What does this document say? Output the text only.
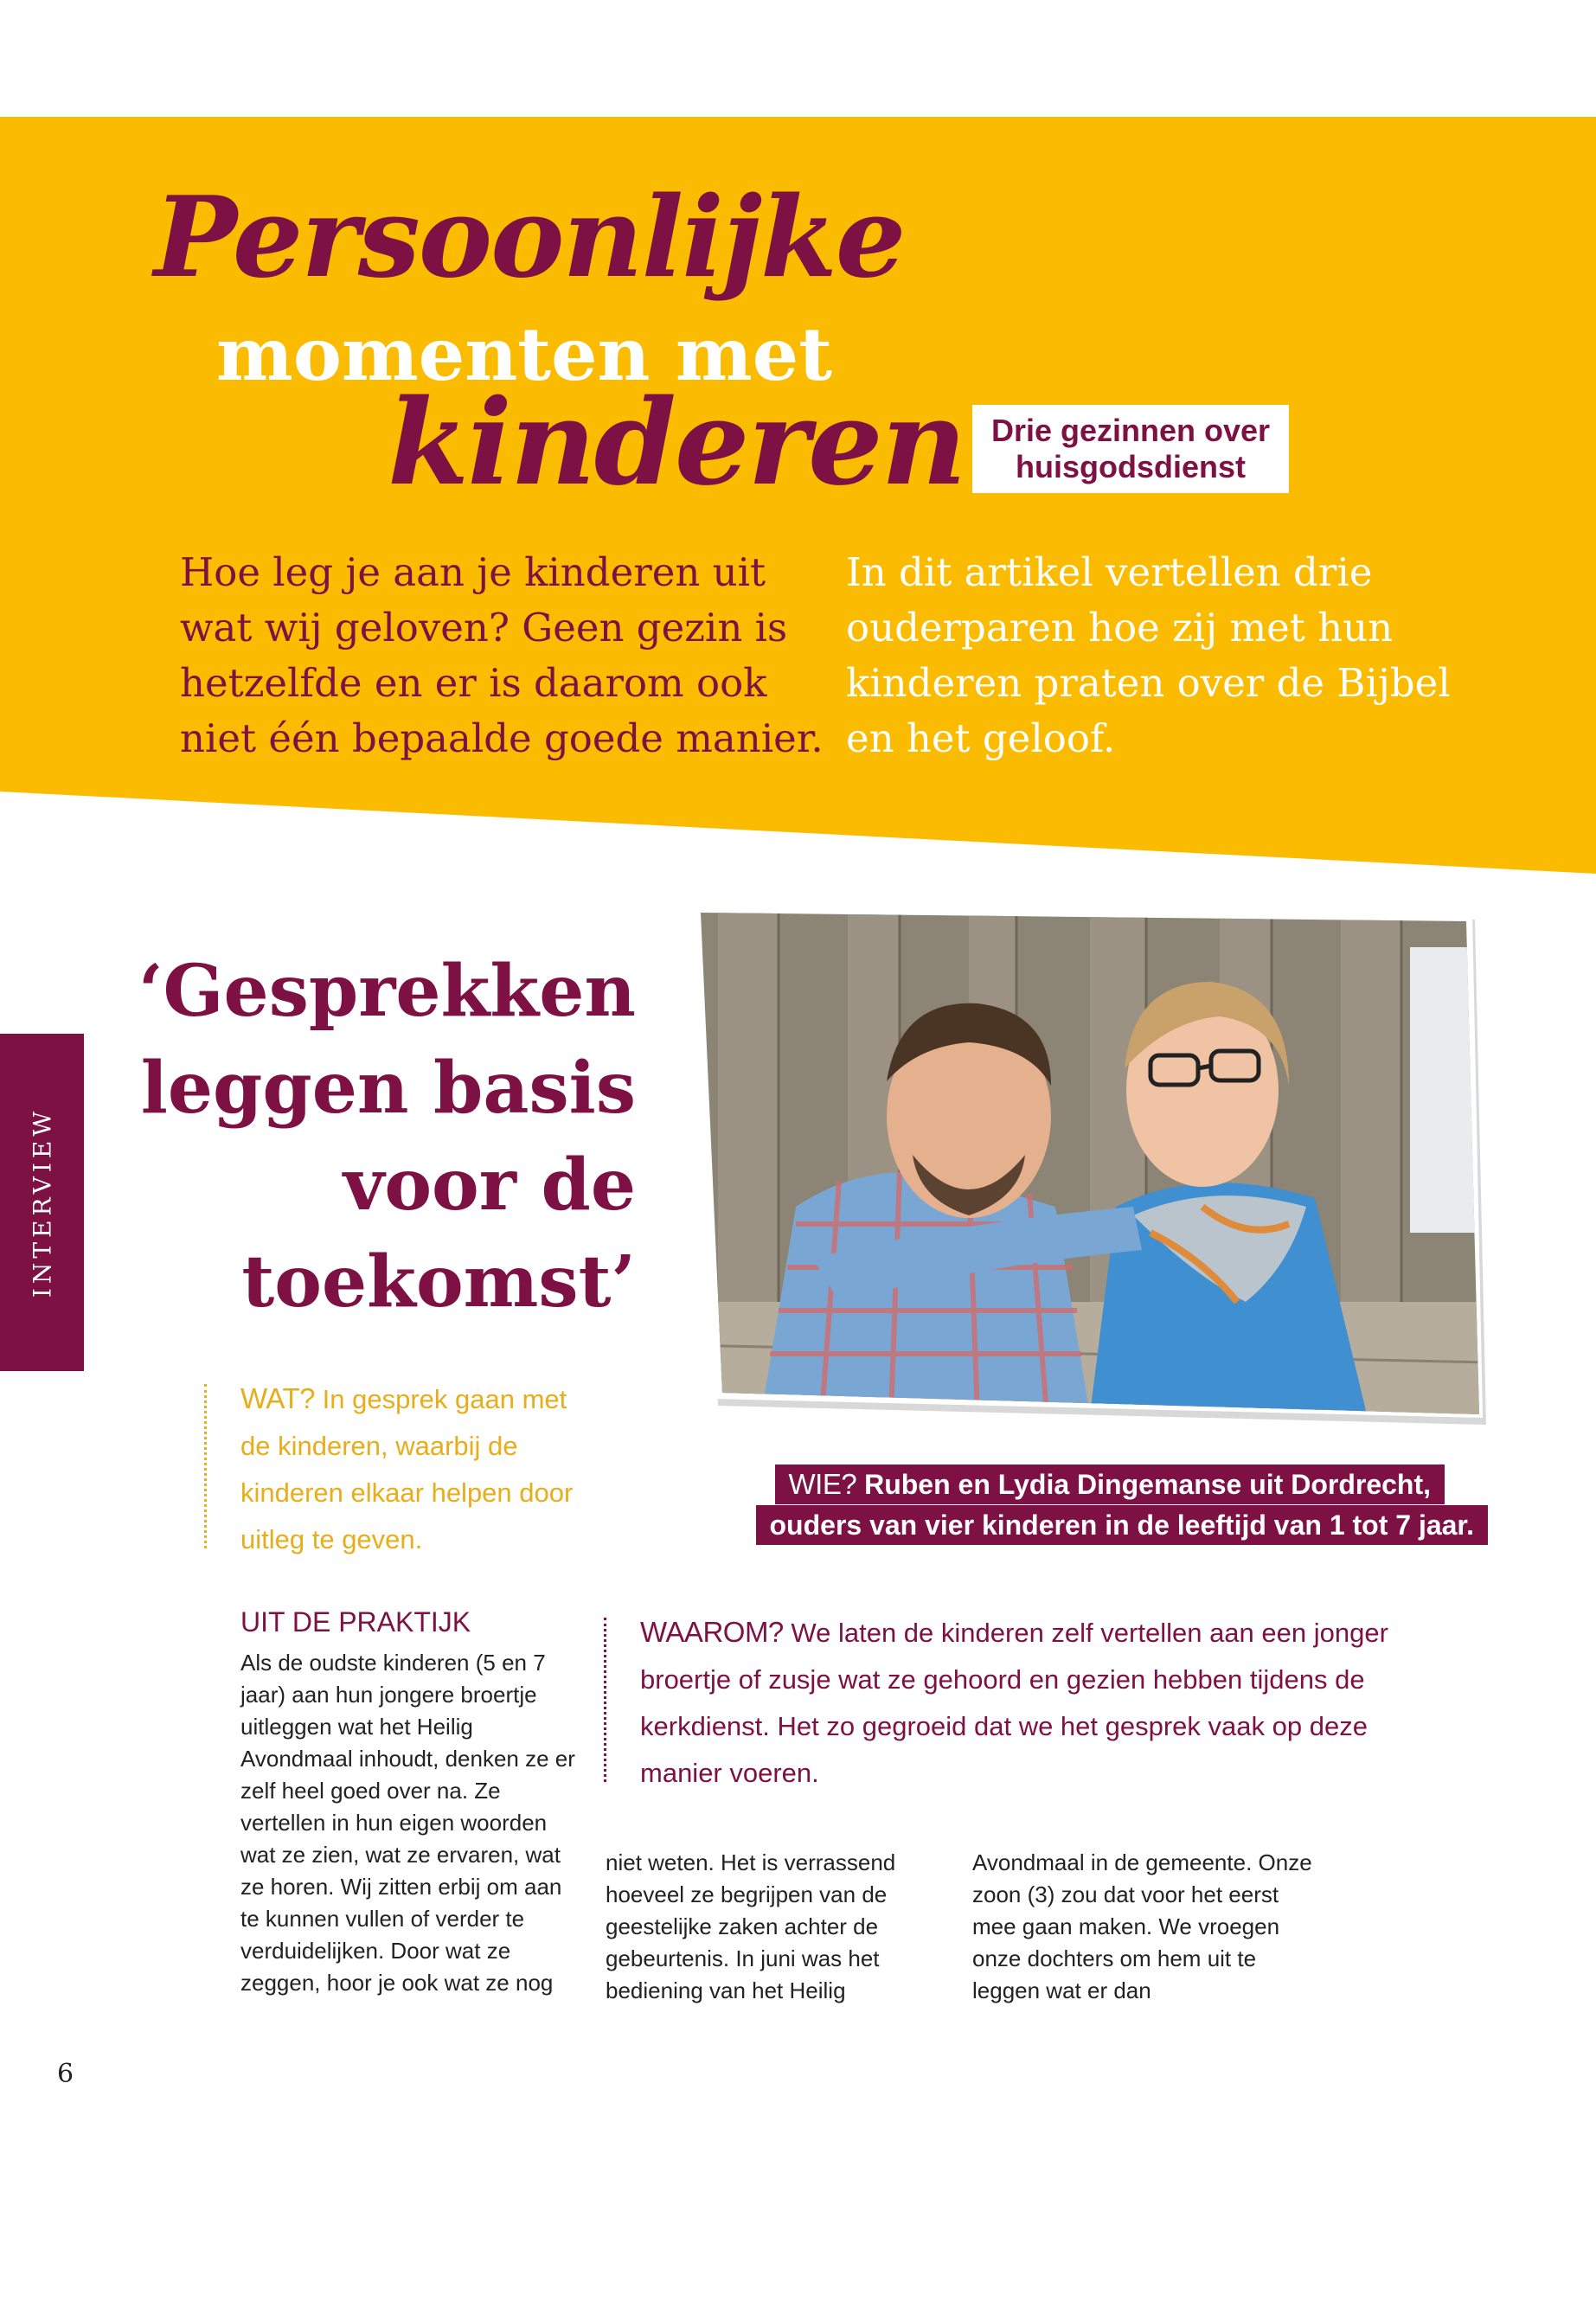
Persoonlijke
momenten met
kinderen Drie gezinnen over
huisgodsdienst
Hoe leg je aan je kinderen uit wat wij geloven? Geen gezin is hetzelfde en er is daarom ook niet één bepaalde goede manier.
In dit artikel vertellen drie ouderparen hoe zij met hun kinderen praten over de Bijbel en het geloof.
INTERVIEW
‘Gesprekken
leggen basis
voor de
toekomst’
WAT? In gesprek gaan met de kinderen, waarbij de kinderen elkaar helpen door uitleg te geven.
WIE? Ruben en Lydia Dingemanse uit Dordrecht,
ouders van vier kinderen in de leeftijd van 1 tot 7 jaar.
WAAROM? We laten de kinderen zelf vertellen aan een jonger broertje of zusje wat ze gehoord en gezien hebben tijdens de kerkdienst. Het zo gegroeid dat we het gesprek vaak op deze manier voeren.
UIT DE PRAKTIJK
Als de oudste kinderen (5 en 7 jaar) aan hun jongere broertje uitleggen wat het Heilig Avondmaal inhoudt, denken ze er zelf heel goed over na. Ze vertellen in hun eigen woorden wat ze zien, wat ze ervaren, wat ze horen. Wij zitten erbij om aan te kunnen vullen of verder te verduidelijken. Door wat ze zeggen, hoor je ook wat ze nog
niet weten. Het is verrassend hoeveel ze begrijpen van de geestelijke zaken achter de gebeurtenis. In juni was het bediening van het Heilig
Avondmaal in de gemeente. Onze zoon (3) zou dat voor het eerst mee gaan maken. We vroegen onze dochters om hem uit te leggen wat er dan
6
